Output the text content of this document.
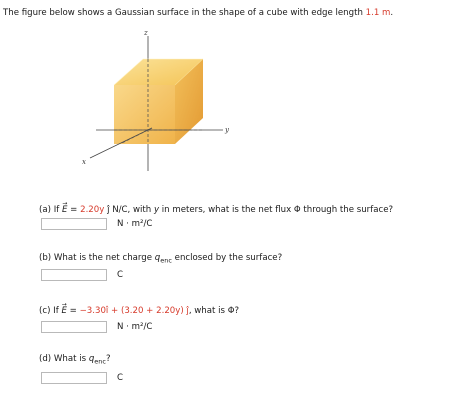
The figure below shows a Gaussian surface in the shape of a cube with edge length 1.1 m.
z
y
x
(a) If E
→
= 2.20y ĵ N/C, with y in meters, what is the net flux Φ through the surface?
N · m²/C
(b) What is the net charge $q_{enc}$ enclosed by the surface?
C
(c) If E
→
= −3.30î + (3.20 + 2.20y) ĵ, what is Φ?
N · m²/C
(d) What is $q_{enc}$?
C
